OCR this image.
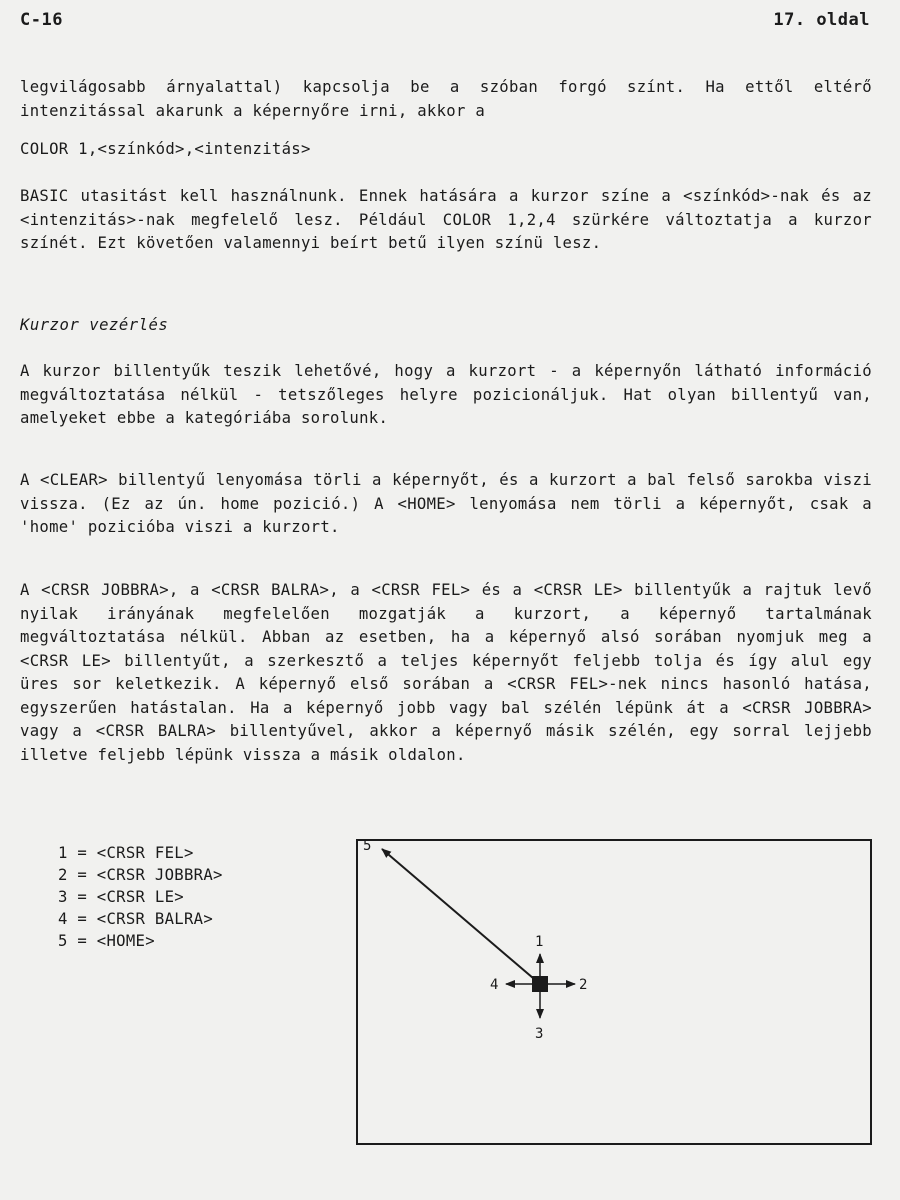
C-16	17. oldal
legvilágosabb árnyalattal) kapcsolja be a szóban forgó színt. Ha ettől eltérő intenzitással akarunk a képernyőre irni, akkor a
COLOR 1,<színkód>,<intenzitás>
BASIC utasitást kell használnunk. Ennek hatására a kurzor színe a <színkód>-nak és az <intenzitás>-nak megfelelő lesz. Például COLOR 1,2,4 szürkére változtatja a kurzor színét. Ezt követően valamennyi beírt betű ilyen színü lesz.
Kurzor vezérlés
A kurzor billentyűk teszik lehetővé, hogy a kurzort - a képernyőn látható információ megváltoztatása nélkül - tetszőleges helyre pozicionáljuk. Hat olyan billentyű van, amelyeket ebbe a kategóriába sorolunk.
A <CLEAR> billentyű lenyomása törli a képernyőt, és a kurzort a bal felső sarokba viszi vissza. (Ez az ún. home pozició.) A <HOME> lenyomása nem törli a képernyőt, csak a 'home' pozicióba viszi a kurzort.
A <CRSR JOBBRA>, a <CRSR BALRA>, a <CRSR FEL> és a <CRSR LE> billentyűk a rajtuk levő nyilak irányának megfelelően mozgatják a kurzort, a képernyő tartalmának megváltoztatása nélkül. Abban az esetben, ha a képernyő alsó sorában nyomjuk meg a <CRSR LE> billentyűt, a szerkesztő a teljes képernyőt feljebb tolja és így alul egy üres sor keletkezik. A képernyő első sorában a <CRSR FEL>-nek nincs hasonló hatása, egyszerűen hatástalan. Ha a képernyő jobb vagy bal szélén lépünk át a <CRSR JOBBRA> vagy a <CRSR BALRA> billentyűvel, akkor a képernyő másik szélén, egy sorral lejjebb illetve feljebb lépünk vissza a másik oldalon.
1 = <CRSR FEL>
2 = <CRSR JOBBRA>
3 = <CRSR LE>
4 = <CRSR BALRA>
5 = <HOME>
5
1
2
3
4
